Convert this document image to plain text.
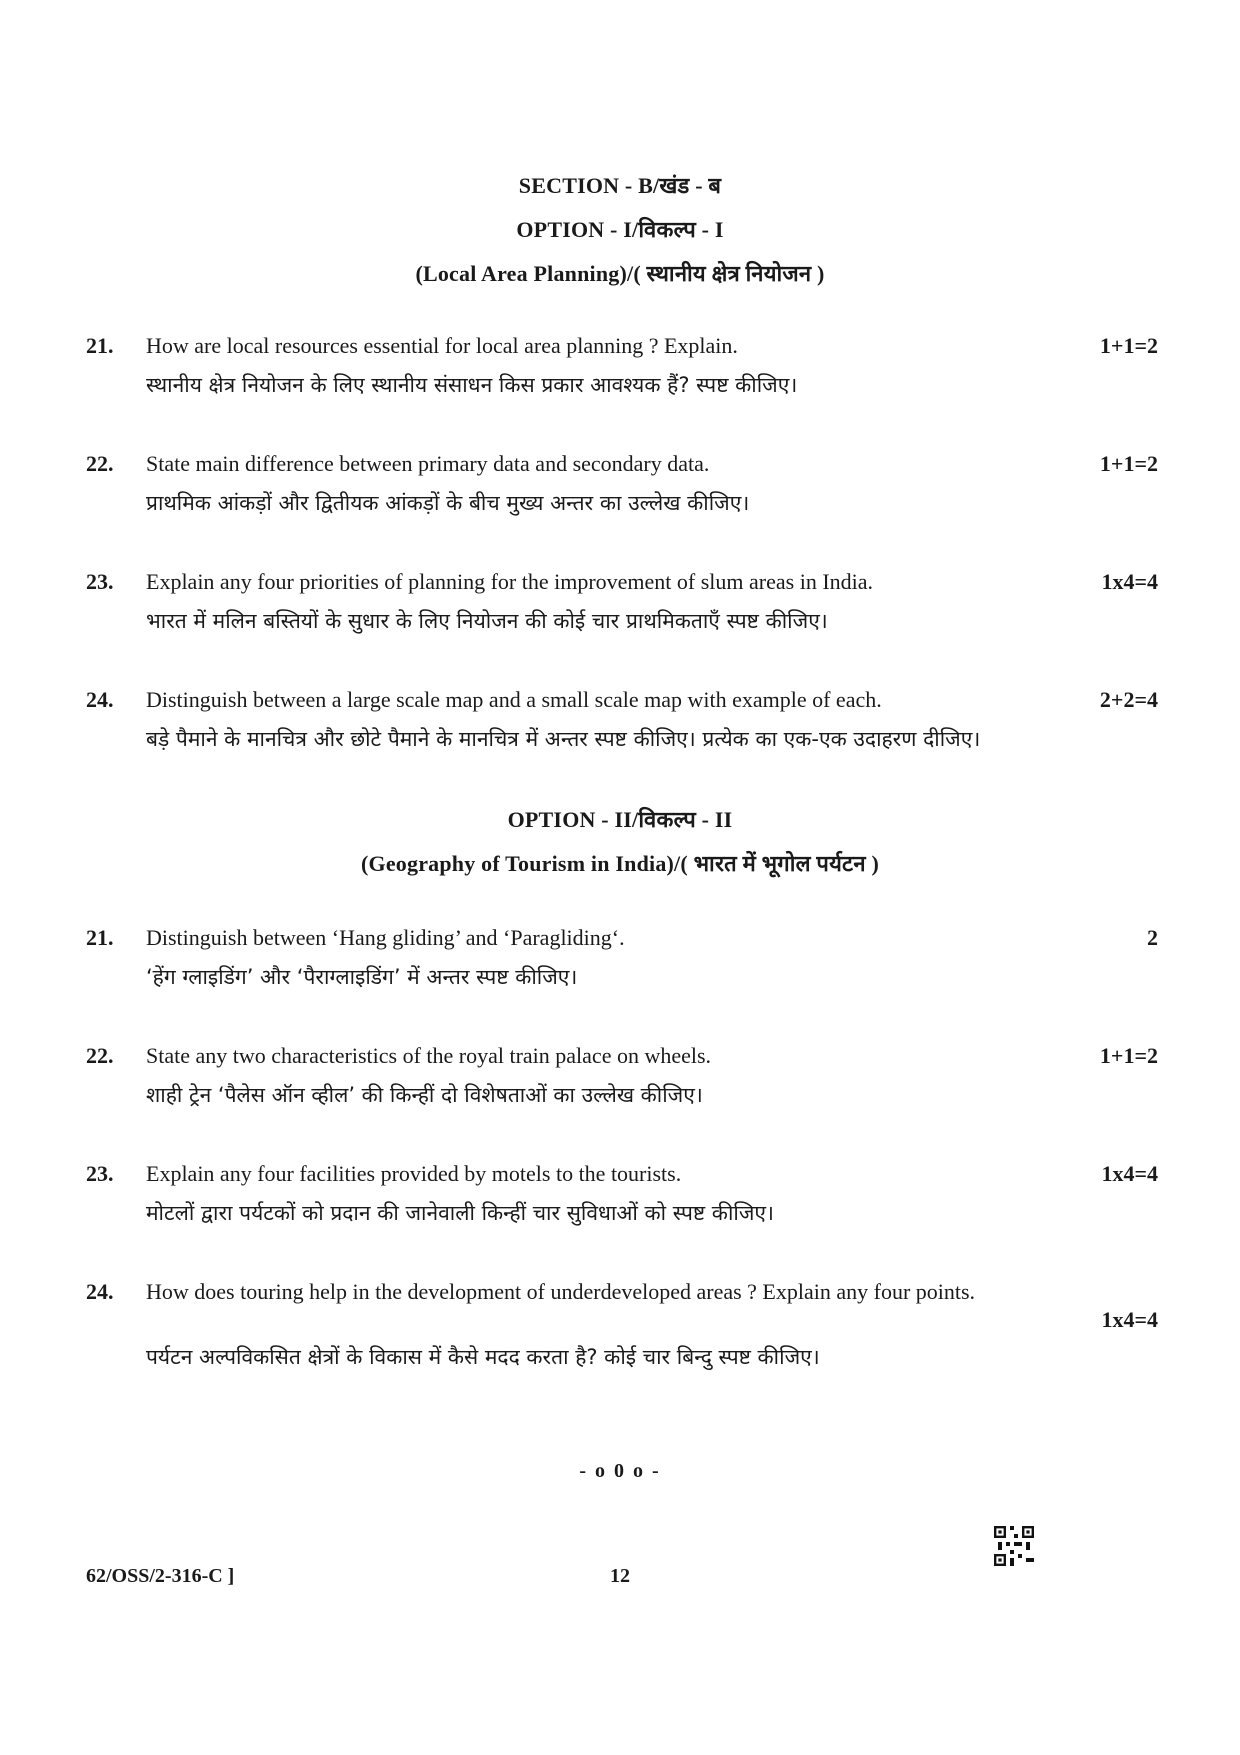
SECTION - B/खंड - ब
OPTION - I/विकल्प - I
(Local Area Planning)/( स्थानीय क्षेत्र नियोजन )
21.	How are local resources essential for local area planning ? Explain.	1+1=2
स्थानीय क्षेत्र नियोजन के लिए स्थानीय संसाधन किस प्रकार आवश्यक हैं? स्पष्ट कीजिए।
22.	State main difference between primary data and secondary data.	1+1=2
प्राथमिक आंकड़ों और द्वितीयक आंकड़ों के बीच मुख्य अन्तर का उल्लेख कीजिए।
23.	Explain any four priorities of planning for the improvement of slum areas in India.	1x4=4
भारत में मलिन बस्तियों के सुधार के लिए नियोजन की कोई चार प्राथमिकताएँ स्पष्ट कीजिए।
24.	Distinguish between a large scale map and a small scale map with example of each.	2+2=4
बड़े पैमाने के मानचित्र और छोटे पैमाने के मानचित्र में अन्तर स्पष्ट कीजिए। प्रत्येक का एक-एक उदाहरण दीजिए।
OPTION - II/विकल्प - II
(Geography of Tourism in India)/( भारत में भूगोल पर्यटन )
21.	Distinguish between ‘Hang gliding’ and ‘Paragliding‘.	2
‘हेंग ग्लाइडिंग’ और ‘पैराग्लाइडिंग’ में अन्तर स्पष्ट कीजिए।
22.	State any two characteristics of the royal train palace on wheels.	1+1=2
शाही ट्रेन ‘पैलेस ऑन व्हील’ की किन्हीं दो विशेषताओं का उल्लेख कीजिए।
23.	Explain any four facilities provided by motels to the tourists.	1x4=4
मोटलों द्वारा पर्यटकों को प्रदान की जानेवाली किन्हीं चार सुविधाओं को स्पष्ट कीजिए।
24.	How does touring help in the development of underdeveloped areas ? Explain any four points.
1x4=4
पर्यटन अल्पविकसित क्षेत्रों के विकास में कैसे मदद करता है? कोई चार बिन्दु स्पष्ट कीजिए।
- o 0 o -
62/OSS/2-316-C ]	12
